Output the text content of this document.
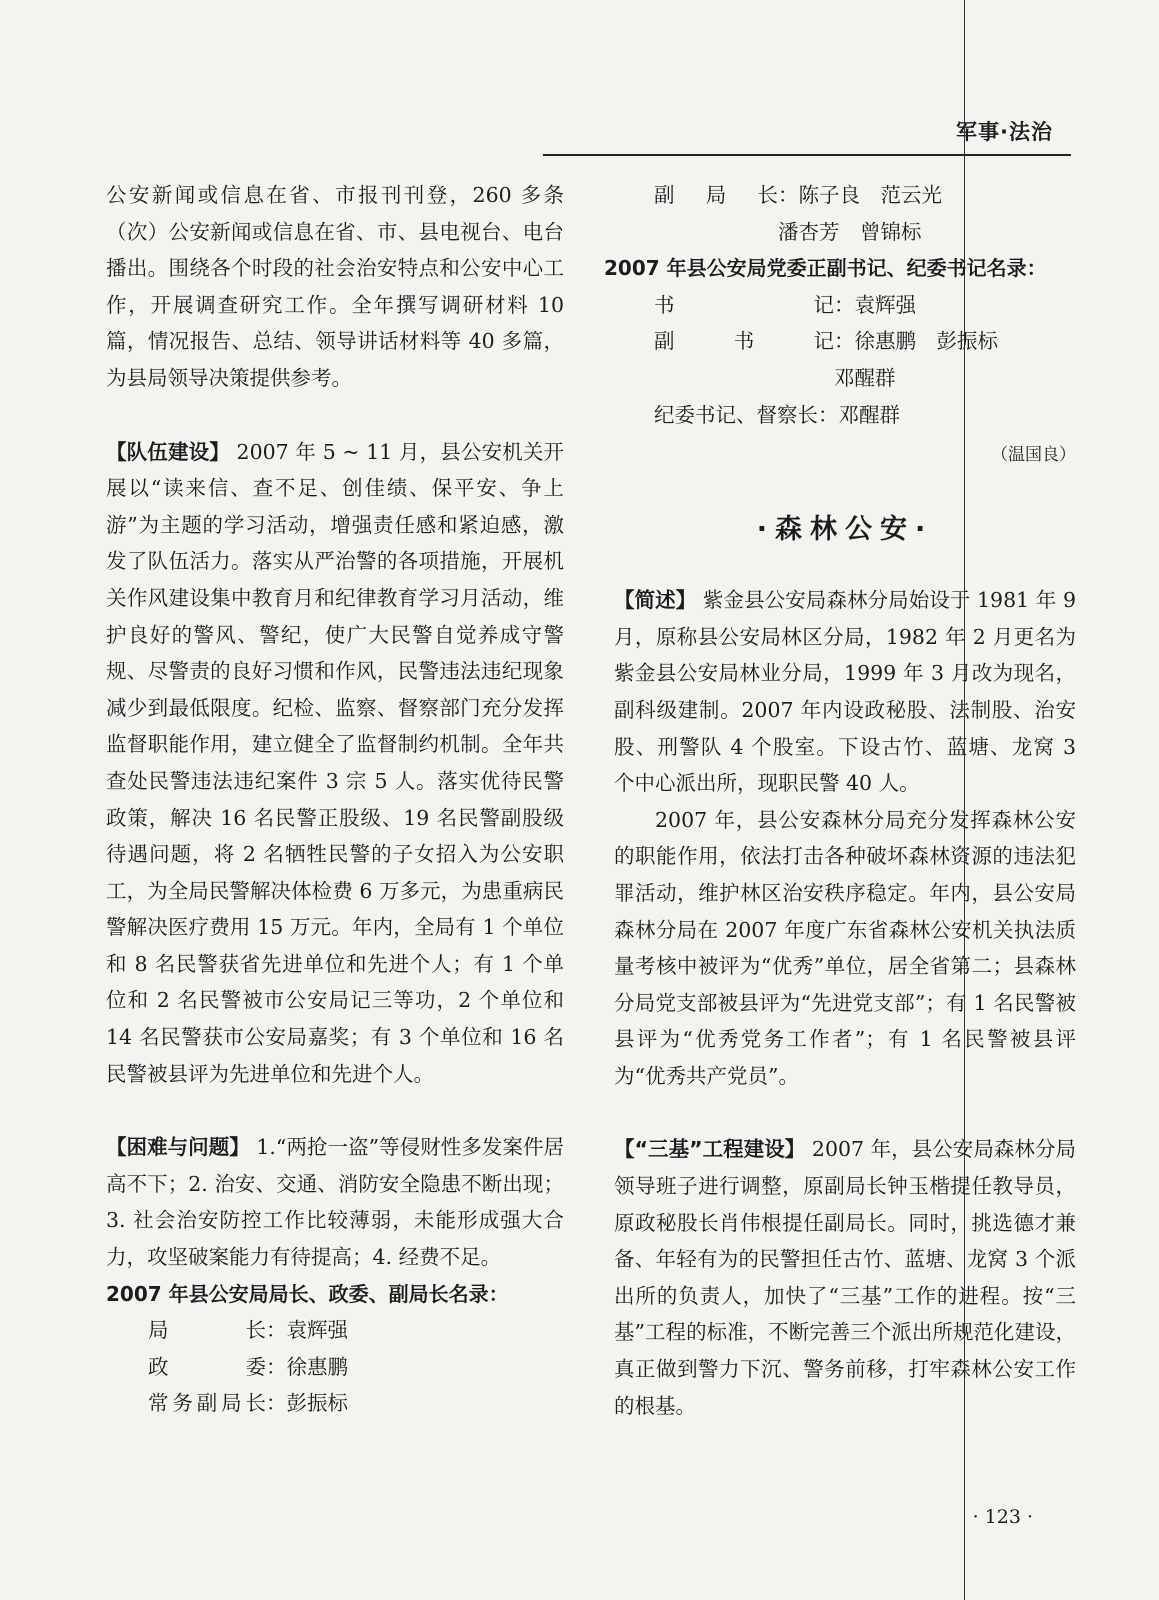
军事·法治

公安新闻或信息在省、市报刊刊登，260 多条（次）公安新闻或信息在省、市、县电视台、电台播出。围绕各个时段的社会治安特点和公安中心工作，开展调查研究工作。全年撰写调研材料 10 篇，情况报告、总结、领导讲话材料等 40 多篇，为县局领导决策提供参考。

【队伍建设】 2007 年 5 ~ 11 月，县公安机关开展以“读来信、查不足、创佳绩、保平安、争上游”为主题的学习活动，增强责任感和紧迫感，激发了队伍活力。落实从严治警的各项措施，开展机关作风建设集中教育月和纪律教育学习月活动，维护良好的警风、警纪，使广大民警自觉养成守警规、尽警责的良好习惯和作风，民警违法违纪现象减少到最低限度。纪检、监察、督察部门充分发挥监督职能作用，建立健全了监督制约机制。全年共查处民警违法违纪案件 3 宗 5 人。落实优待民警政策，解决 16 名民警正股级、19 名民警副股级待遇问题，将 2 名牺牲民警的子女招入为公安职工，为全局民警解决体检费 6 万多元，为患重病民警解决医疗费用 15 万元。年内，全局有 1 个单位和 8 名民警获省先进单位和先进个人；有 1 个单位和 2 名民警被市公安局记三等功，2 个单位和 14 名民警获市公安局嘉奖；有 3 个单位和 16 名民警被县评为先进单位和先进个人。

【困难与问题】 1.“两抢一盗”等侵财性多发案件居高不下；2. 治安、交通、消防安全隐患不断出现；3. 社会治安防控工作比较薄弱，未能形成强大合力，攻坚破案能力有待提高；4. 经费不足。

2007 年县公安局局长、政委、副局长名录：
局长：袁辉强
政委：徐惠鹏
常务副局长：彭振标
副局长：陈子良　范云光
潘杏芳　曾锦标
2007 年县公安局党委正副书记、纪委书记名录：
书记：袁辉强
副书记：徐惠鹏　彭振标
邓醒群
纪委书记、督察长：邓醒群
（温国良）
·森林公安·

【简述】 紫金县公安局森林分局始设于 1981 年 9 月，原称县公安局林区分局，1982 年 2 月更名为紫金县公安局林业分局，1999 年 3 月改为现名，副科级建制。2007 年内设政秘股、法制股、治安股、刑警队 4 个股室。下设古竹、蓝塘、龙窝 3 个中心派出所，现职民警 40 人。

2007 年，县公安森林分局充分发挥森林公安的职能作用，依法打击各种破坏森林资源的违法犯罪活动，维护林区治安秩序稳定。年内，县公安局森林分局在 2007 年度广东省森林公安机关执法质量考核中被评为“优秀”单位，居全省第二；县森林分局党支部被县评为“先进党支部”；有 1 名民警被县评为“优秀党务工作者”；有 1 名民警被县评为“优秀共产党员”。

【“三基”工程建设】 2007 年，县公安局森林分局领导班子进行调整，原副局长钟玉楷提任教导员，原政秘股长肖伟根提任副局长。同时，挑选德才兼备、年轻有为的民警担任古竹、蓝塘、龙窝 3 个派出所的负责人，加快了“三基”工作的进程。按“三基”工程的标准，不断完善三个派出所规范化建设，真正做到警力下沉、警务前移，打牢森林公安工作的根基。

· 123 ·
